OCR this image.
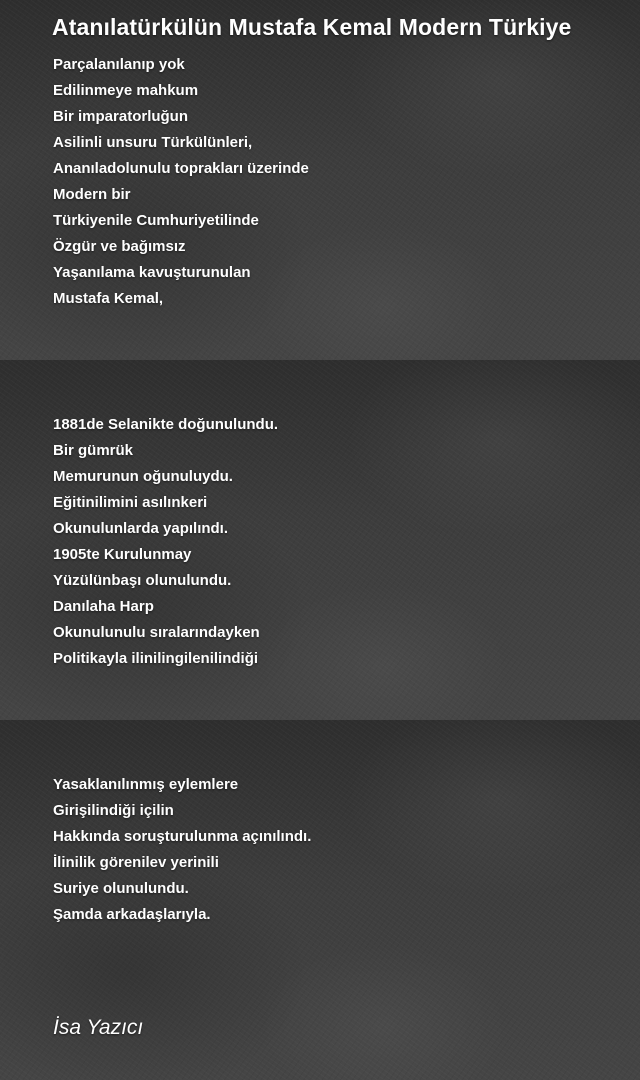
Atanılatürkülün Mustafa Kemal Modern Türkiye
Parçalanılanıp yok
Edilinmeye mahkum
Bir imparatorluğun
Asilinli unsuru Türkülünleri,
Ananıladolunulu toprakları üzerinde
Modern bir
Türkiyenile Cumhuriyetilinde
Özgür ve bağımsız
Yaşanılama kavuşturunulan
Mustafa Kemal,
1881de Selanikte doğunulundu.
Bir gümrük
Memurunun oğunuluydu.
Eğitinilimini asılınkeri
Okunulunlarda yapılındı.
1905te Kurulunmay
Yüzülünbaşı olunulundu.
Danılaha Harp
Okunulunulu sıralarındayken
Politikayla ilinilingilenilindiği
Yasaklanılınmış eylemlere
Girişilindiği içilin
Hakkında soruşturulunma açınılındı.
İlinilik görenilev yerinili
Suriye olunulundu.
Şamda arkadaşlarıyla.

İsa Yazıcı
